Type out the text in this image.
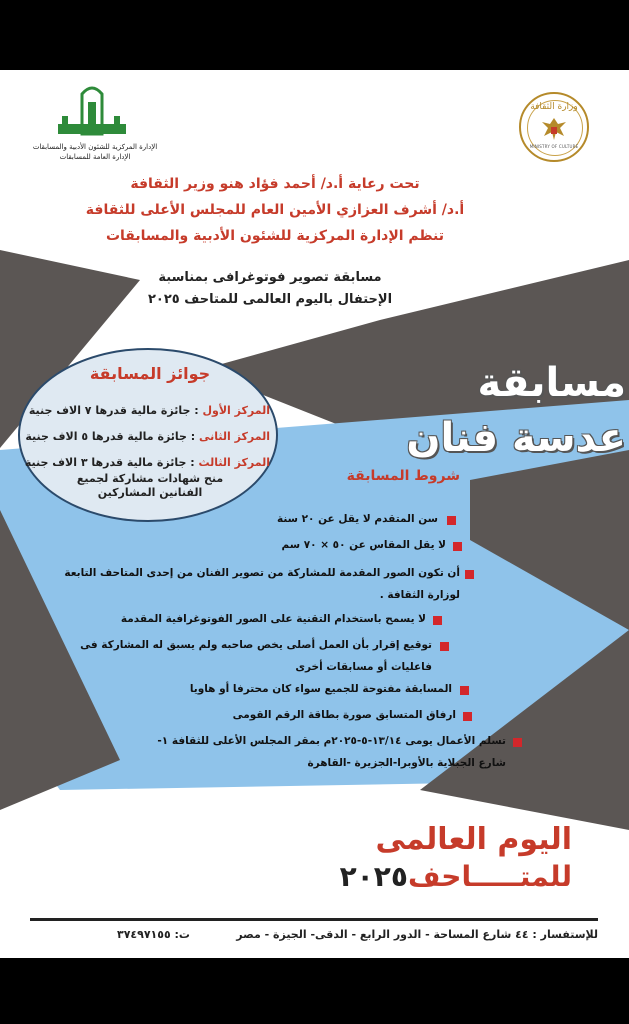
وزارة الثقافة
MINISTRY OF CULTURE
الإدارة المركزية للشئون الأدبية والمسابقات
الإدارة العامة للمسابقات
تحت رعاية أ.د/ أحمد فؤاد هنو وزير الثقافة
أ.د/ أشرف العزازي الأمين العام للمجلس الأعلى للثقافة
تنظم الإدارة المركزية للشئون الأدبية والمسابقات
مسابقة تصوير فوتوغرافى بمناسبة
الإحتفال باليوم العالمى للمتاحف ٢٠٢٥
مسابقة
عدسة فنان
جوائز المسابقة
المركز الأول : جائزة مالية قدرها ٧ الاف جنية
المركز الثانى : جائزة مالية قدرها ٥ الاف جنية
المركز الثالث : جائزة مالية قدرها ٣ الاف جنية
منح شهادات مشاركة لجميع
الفنانين المشاركين
شروط المسابقة
سن المتقدم لا يقل عن ٢٠ سنة
لا يقل المقاس عن ٥٠ × ٧٠ سم
أن تكون الصور المقدمة للمشاركة من تصوير الفنان من إحدى المتاحف التابعة لوزارة الثقافة .
لا يسمح باستخدام التقنية على الصور الفوتوغرافية المقدمة
توقيع إقرار بأن العمل أصلى يخص صاحبه ولم يسبق له المشاركة فى فاعليات أو مسابقات أخرى
المسابقة مفتوحة للجميع سواء كان محترفا أو هاويا
ارفاق المتسابق صورة بطاقة الرقم القومى
تسلم الأعمال يومى ١٣/١٤-٥-٢٠٢٥م بمقر المجلس الأعلى للثقافة ١-شارع الجبلاية بالأوبرا-الجزيرة -القاهرة
اليوم العالمى
للمتـــــاحف٢٠٢٥
للإستفسار : ٤٤ شارع المساحة - الدور الرابع - الدقى- الجيزة - مصر
ت: ٣٧٤٩٧١٥٥
